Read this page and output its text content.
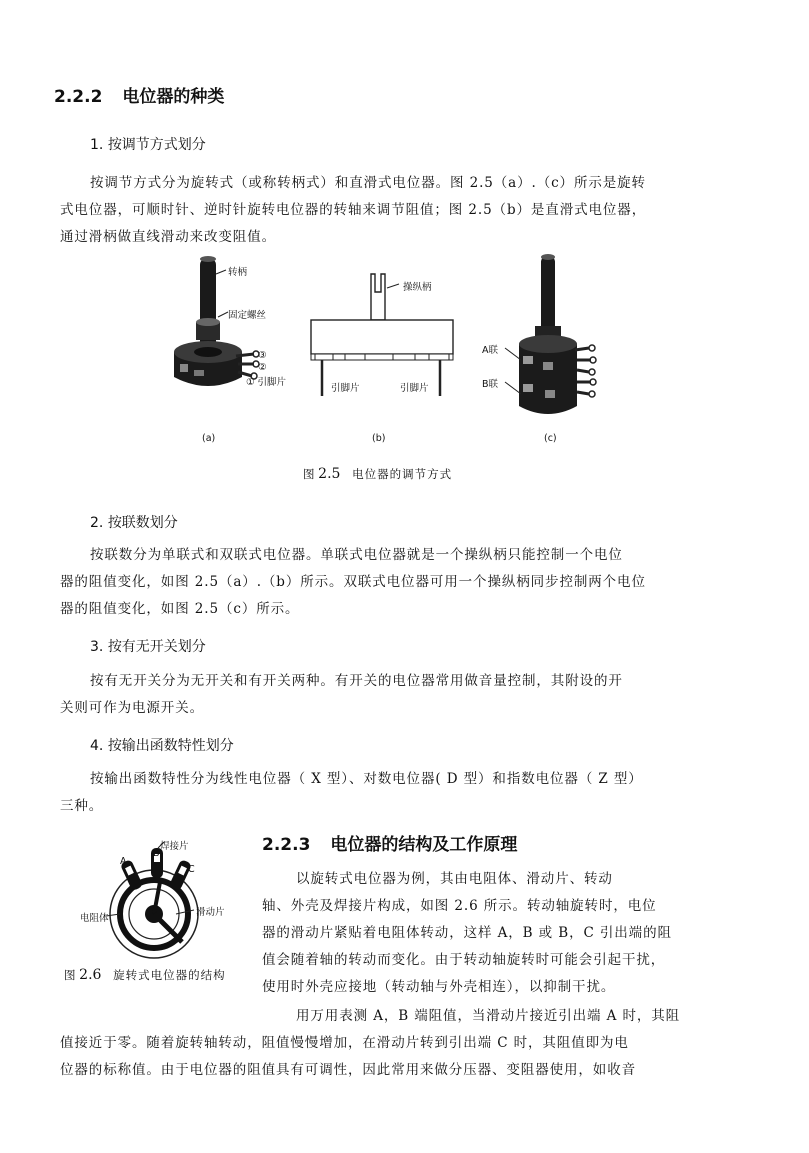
2.2.2 电位器的种类
1. 按调节方式划分
按调节方式分为旋转式（或称转柄式）和直滑式电位器。图 2.5（a）.（c）所示是旋转
式电位器，可顺时针、逆时针旋转电位器的转轴来调节阻值；图 2.5（b）是直滑式电位器，
通过滑柄做直线滑动来改变阻值。
转柄
固定螺丝
③
②
① 引脚片
操纵柄
引脚片	引脚片
A联
B联
(a)	(b)	(c)
图 2.5 电位器的调节方式
2. 按联数划分
按联数分为单联式和双联式电位器。单联式电位器就是一个操纵柄只能控制一个电位
器的阻值变化，如图 2.5（a）.（b）所示。双联式电位器可用一个操纵柄同步控制两个电位
器的阻值变化，如图 2.5（c）所示。
3. 按有无开关划分
按有无开关分为无开关和有开关两种。有开关的电位器常用做音量控制，其附设的开
关则可作为电源开关。
4. 按输出函数特性划分
按输出函数特性分为线性电位器（ X 型）、对数电位器( D 型）和指数电位器（ Z 型）
三种。
焊接片
A
B
C
电阻体
滑动片
图 2.6 旋转式电位器的结构
2.2.3 电位器的结构及工作原理
以旋转式电位器为例，其由电阻体、滑动片、转动
轴、外壳及焊接片构成，如图 2.6 所示。转动轴旋转时，电位
器的滑动片紧贴着电阻体转动，这样 A，B 或 B，C 引出端的阻
值会随着轴的转动而变化。由于转动轴旋转时可能会引起干扰，
使用时外壳应接地（转动轴与外壳相连），以抑制干扰。
用万用表测 A，B 端阻值，当滑动片接近引出端 A 时，其阻
值接近于零。随着旋转轴转动，阻值慢慢增加，在滑动片转到引出端 C 时，其阻值即为电
位器的标称值。由于电位器的阻值具有可调性，因此常用来做分压器、变阻器使用，如收音
